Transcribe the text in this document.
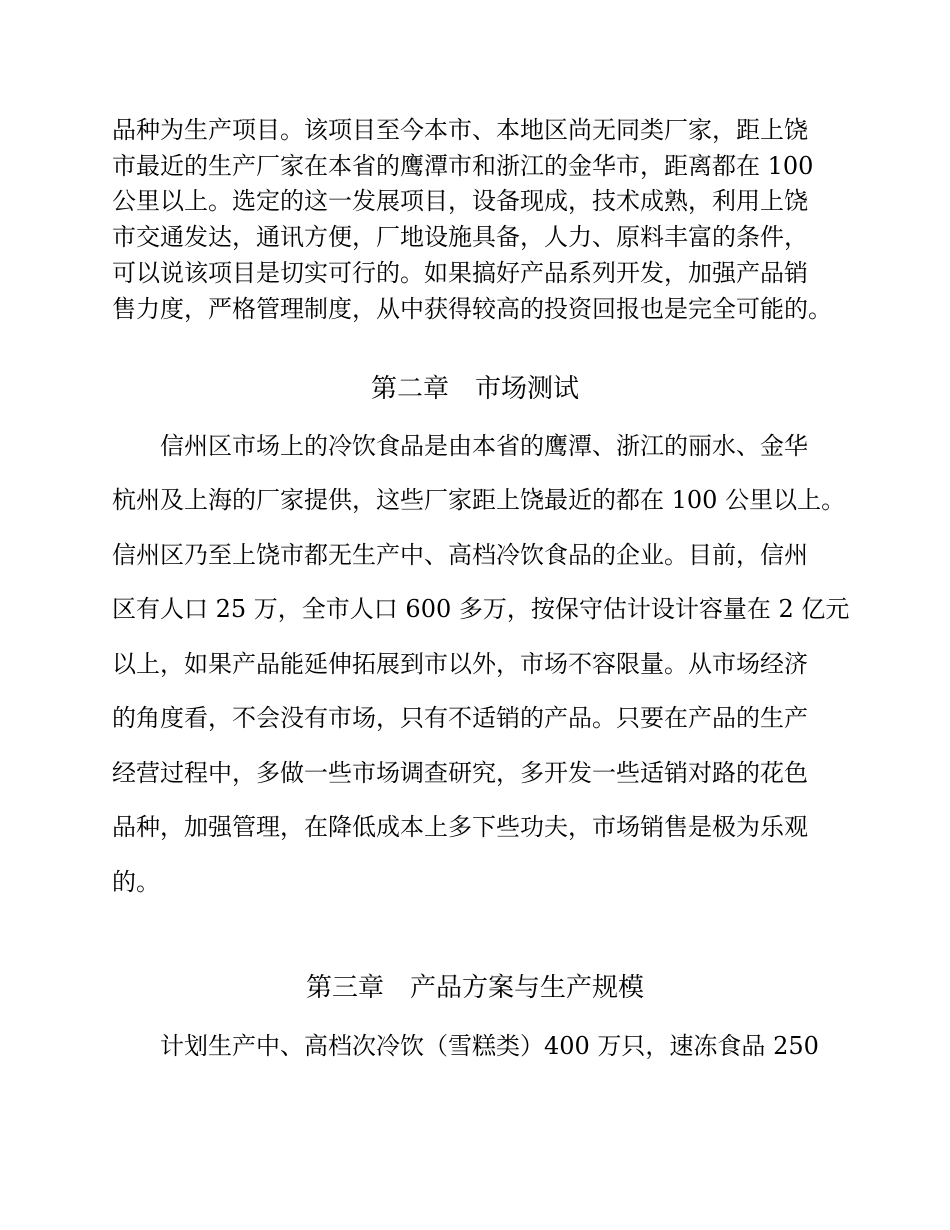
品种为生产项目。该项目至今本市、本地区尚无同类厂家，距上饶
市最近的生产厂家在本省的鹰潭市和浙江的金华市，距离都在 100
公里以上。选定的这一发展项目，设备现成，技术成熟，利用上饶
市交通发达，通讯方便，厂地设施具备，人力、原料丰富的条件，
可以说该项目是切实可行的。如果搞好产品系列开发，加强产品销
售力度，严格管理制度，从中获得较高的投资回报也是完全可能的。
第二章　市场测试
　　信州区市场上的冷饮食品是由本省的鹰潭、浙江的丽水、金华
杭州及上海的厂家提供，这些厂家距上饶最近的都在 100 公里以上。
信州区乃至上饶市都无生产中、高档冷饮食品的企业。目前，信州
区有人口 25 万，全市人口 600 多万，按保守估计设计容量在 2 亿元
以上，如果产品能延伸拓展到市以外，市场不容限量。从市场经济
的角度看，不会没有市场，只有不适销的产品。只要在产品的生产
经营过程中，多做一些市场调查研究，多开发一些适销对路的花色
品种，加强管理，在降低成本上多下些功夫，市场销售是极为乐观
的。
第三章　产品方案与生产规模
　　计划生产中、高档次冷饮（雪糕类）400 万只，速冻食品 250
